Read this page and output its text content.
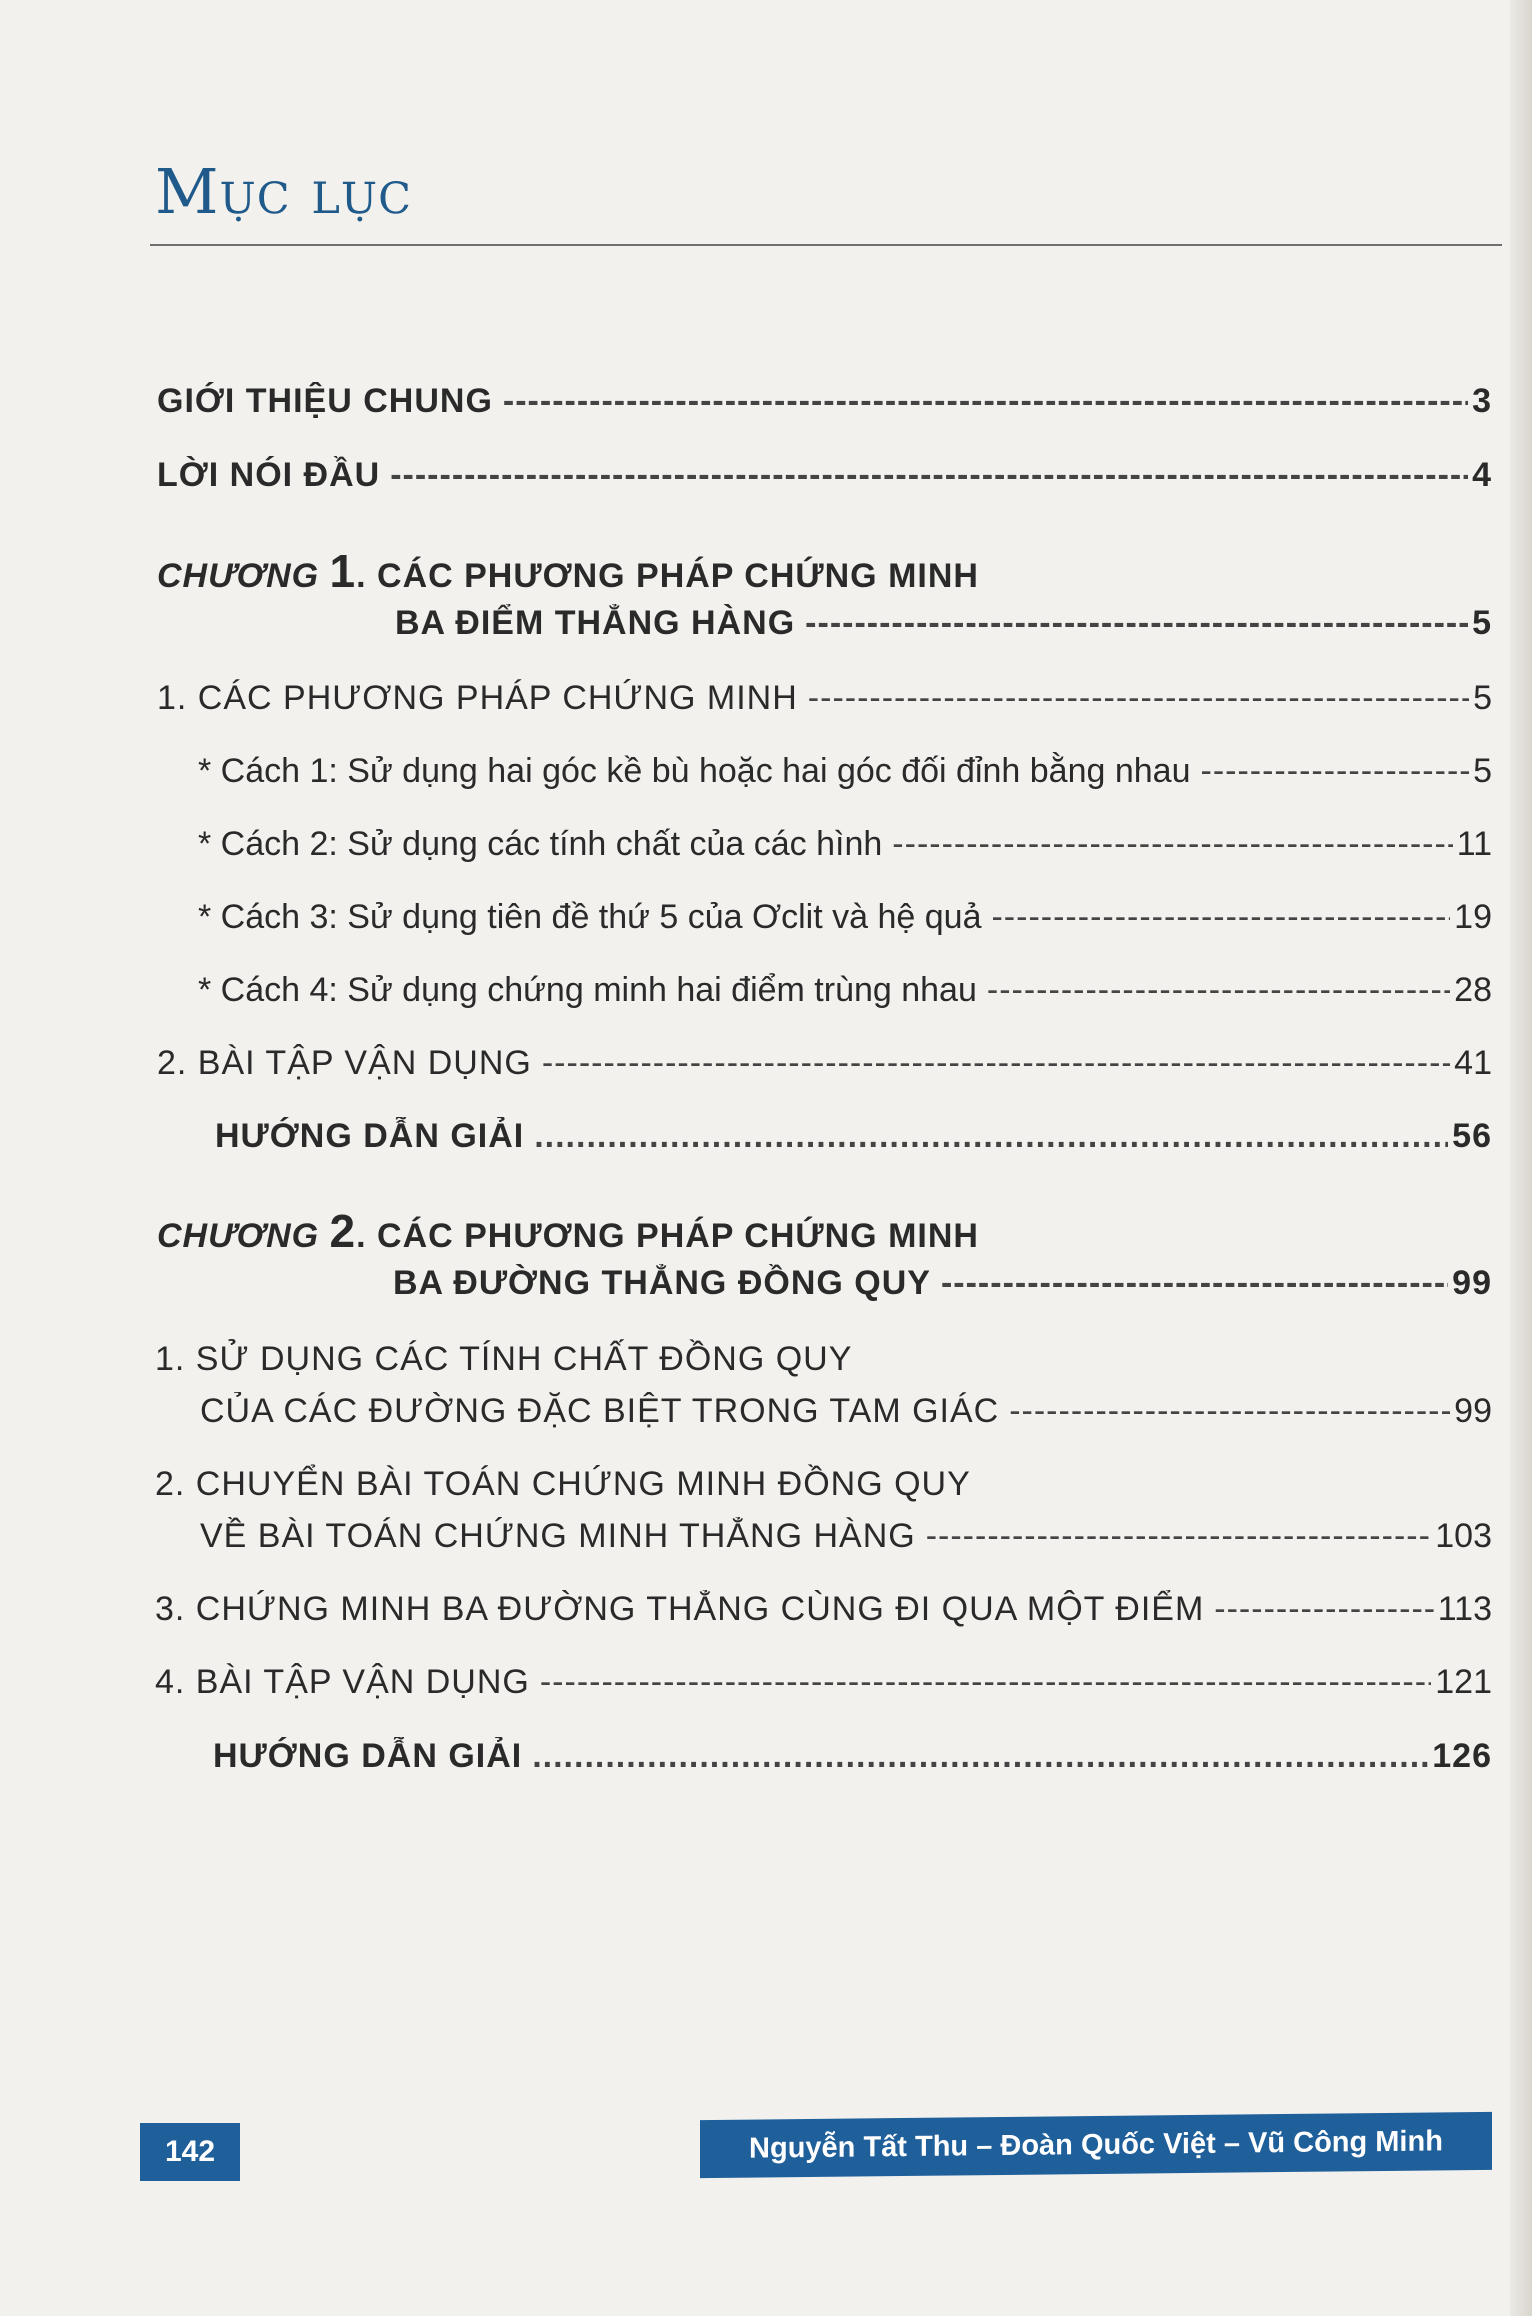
Mục lục
GIỚI THIỆU CHUNG -----	3
LỜI NÓI ĐẦU -----	4
CHƯƠNG 1. CÁC PHƯƠNG PHÁP CHỨNG MINH
BA ĐIỂM THẲNG HÀNG -----	5
1. CÁC PHƯƠNG PHÁP CHỨNG MINH -----	5
* Cách 1: Sử dụng hai góc kề bù hoặc hai góc đối đỉnh bằng nhau -----	5
* Cách 2: Sử dụng các tính chất của các hình -----	11
* Cách 3: Sử dụng tiên đề thứ 5 của Ơclit và hệ quả -----	19
* Cách 4: Sử dụng chứng minh hai điểm trùng nhau -----	28
2. BÀI TẬP VẬN DỤNG -----	41
HƯỚNG DẪN GIẢI .....	56
CHƯƠNG 2. CÁC PHƯƠNG PHÁP CHỨNG MINH
BA ĐƯỜNG THẲNG ĐỒNG QUY -----	99
1. SỬ DỤNG CÁC TÍNH CHẤT ĐỒNG QUY
CỦA CÁC ĐƯỜNG ĐẶC BIỆT TRONG TAM GIÁC -----	99
2. CHUYỂN BÀI TOÁN CHỨNG MINH ĐỒNG QUY
VỀ BÀI TOÁN CHỨNG MINH THẲNG HÀNG -----	103
3. CHỨNG MINH BA ĐƯỜNG THẲNG CÙNG ĐI QUA MỘT ĐIỂM -----	113
4. BÀI TẬP VẬN DỤNG -----	121
HƯỚNG DẪN GIẢI .....	126
142	Nguyễn Tất Thu – Đoàn Quốc Việt – Vũ Công Minh
